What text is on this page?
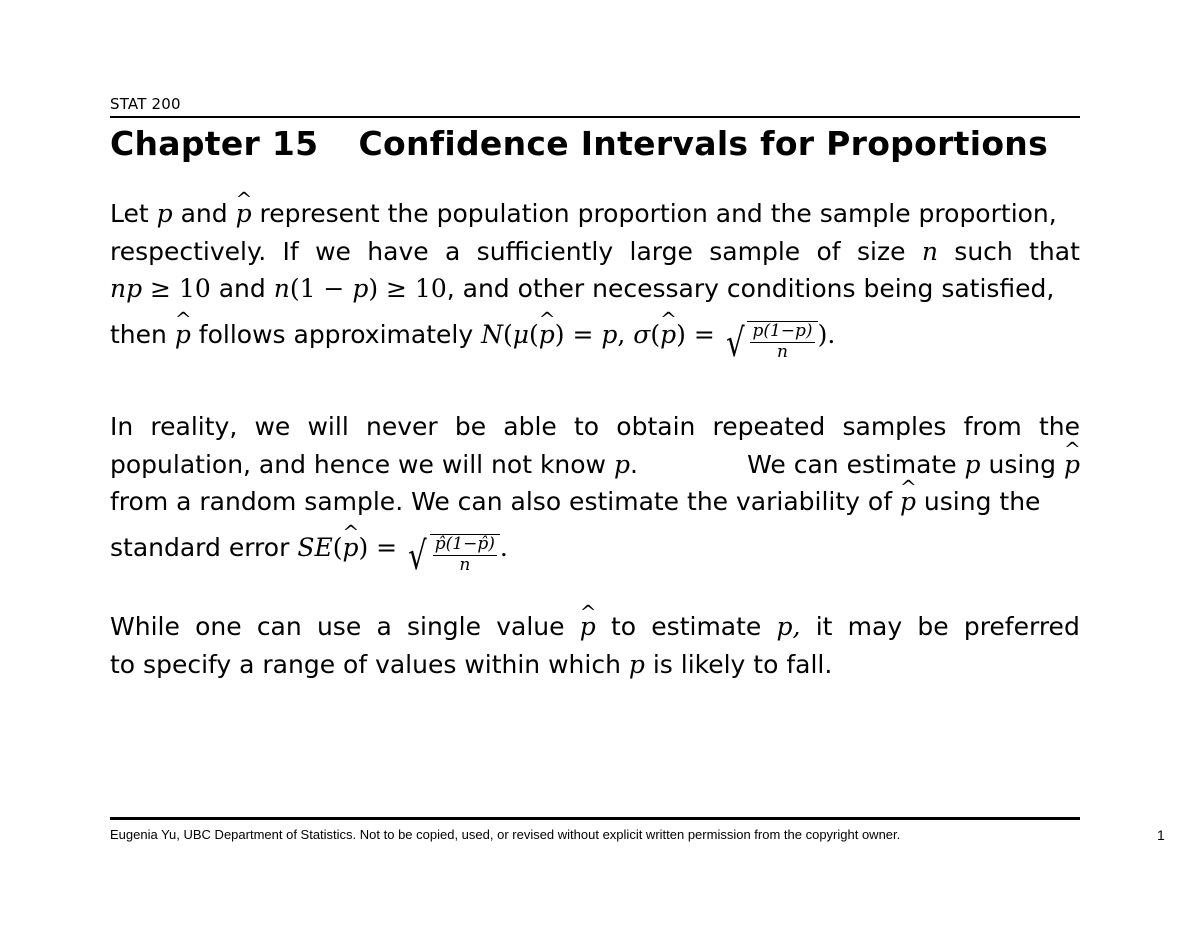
STAT 200
Chapter 15 Confidence Intervals for Proportions
Let p and ^ p represent the population proportion and the sample proportion,
respectively. If we have a sufficiently large sample of size n such that
np ≥ 10 and n(1 − p) ≥ 10, and other necessary conditions being satisfied,
then ^ p follows approximately N(μ(^ p) = p, σ(^ p) = √ $\frac{p(1-p)}{n}$ ).
In reality, we will never be able to obtain repeated samples from the
population, and hence we will not know p.	We can estimate p using ^ p
from a random sample. We can also estimate the variability of ^ p using the
standard error SE(^ p) = √ $\frac{p̂(1-p̂)}{n}$ .
While one can use a single value
^ p to estimate p, it may be preferred
to specify a range of values within which p is likely to fall.
Eugenia Yu, UBC Department of Statistics. Not to be copied, used, or revised without explicit written permission from the copyright owner.	1
